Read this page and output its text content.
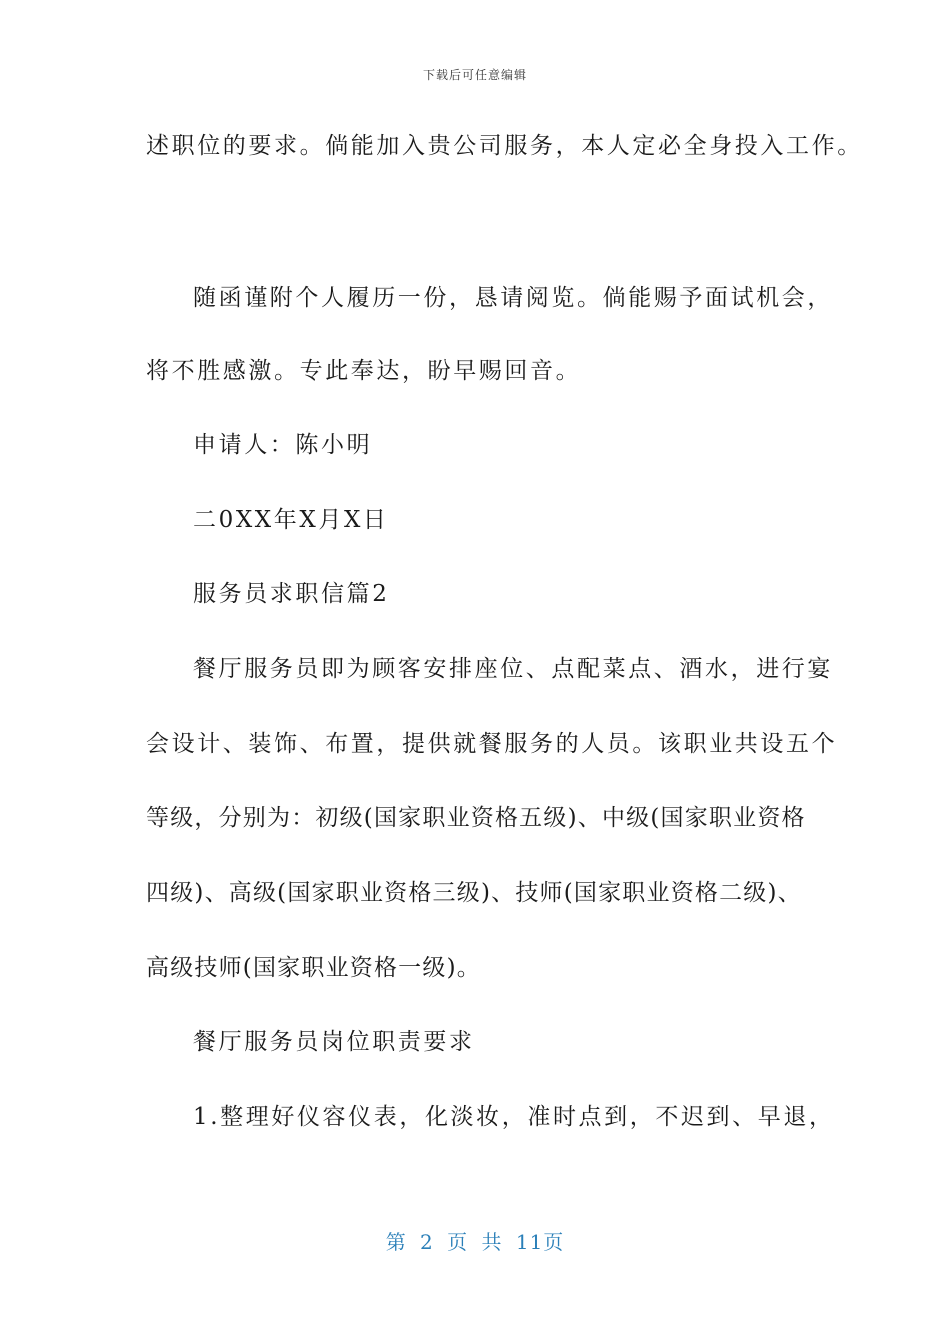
下载后可任意编辑
述职位的要求。倘能加入贵公司服务，本人定必全身投入工作。
随函谨附个人履历一份，恳请阅览。倘能赐予面试机会，
将不胜感激。专此奉达，盼早赐回音。
申请人：陈小明
二0XX年X月X日
服务员求职信篇2
餐厅服务员即为顾客安排座位、点配菜点、酒水，进行宴
会设计、装饰、布置，提供就餐服务的人员。该职业共设五个
等级，分别为：初级(国家职业资格五级)、中级(国家职业资格
四级)、高级(国家职业资格三级)、技师(国家职业资格二级)、
高级技师(国家职业资格一级)。
餐厅服务员岗位职责要求
1.整理好仪容仪表，化淡妆，准时点到，不迟到、早退，
第 2 页 共 11页
